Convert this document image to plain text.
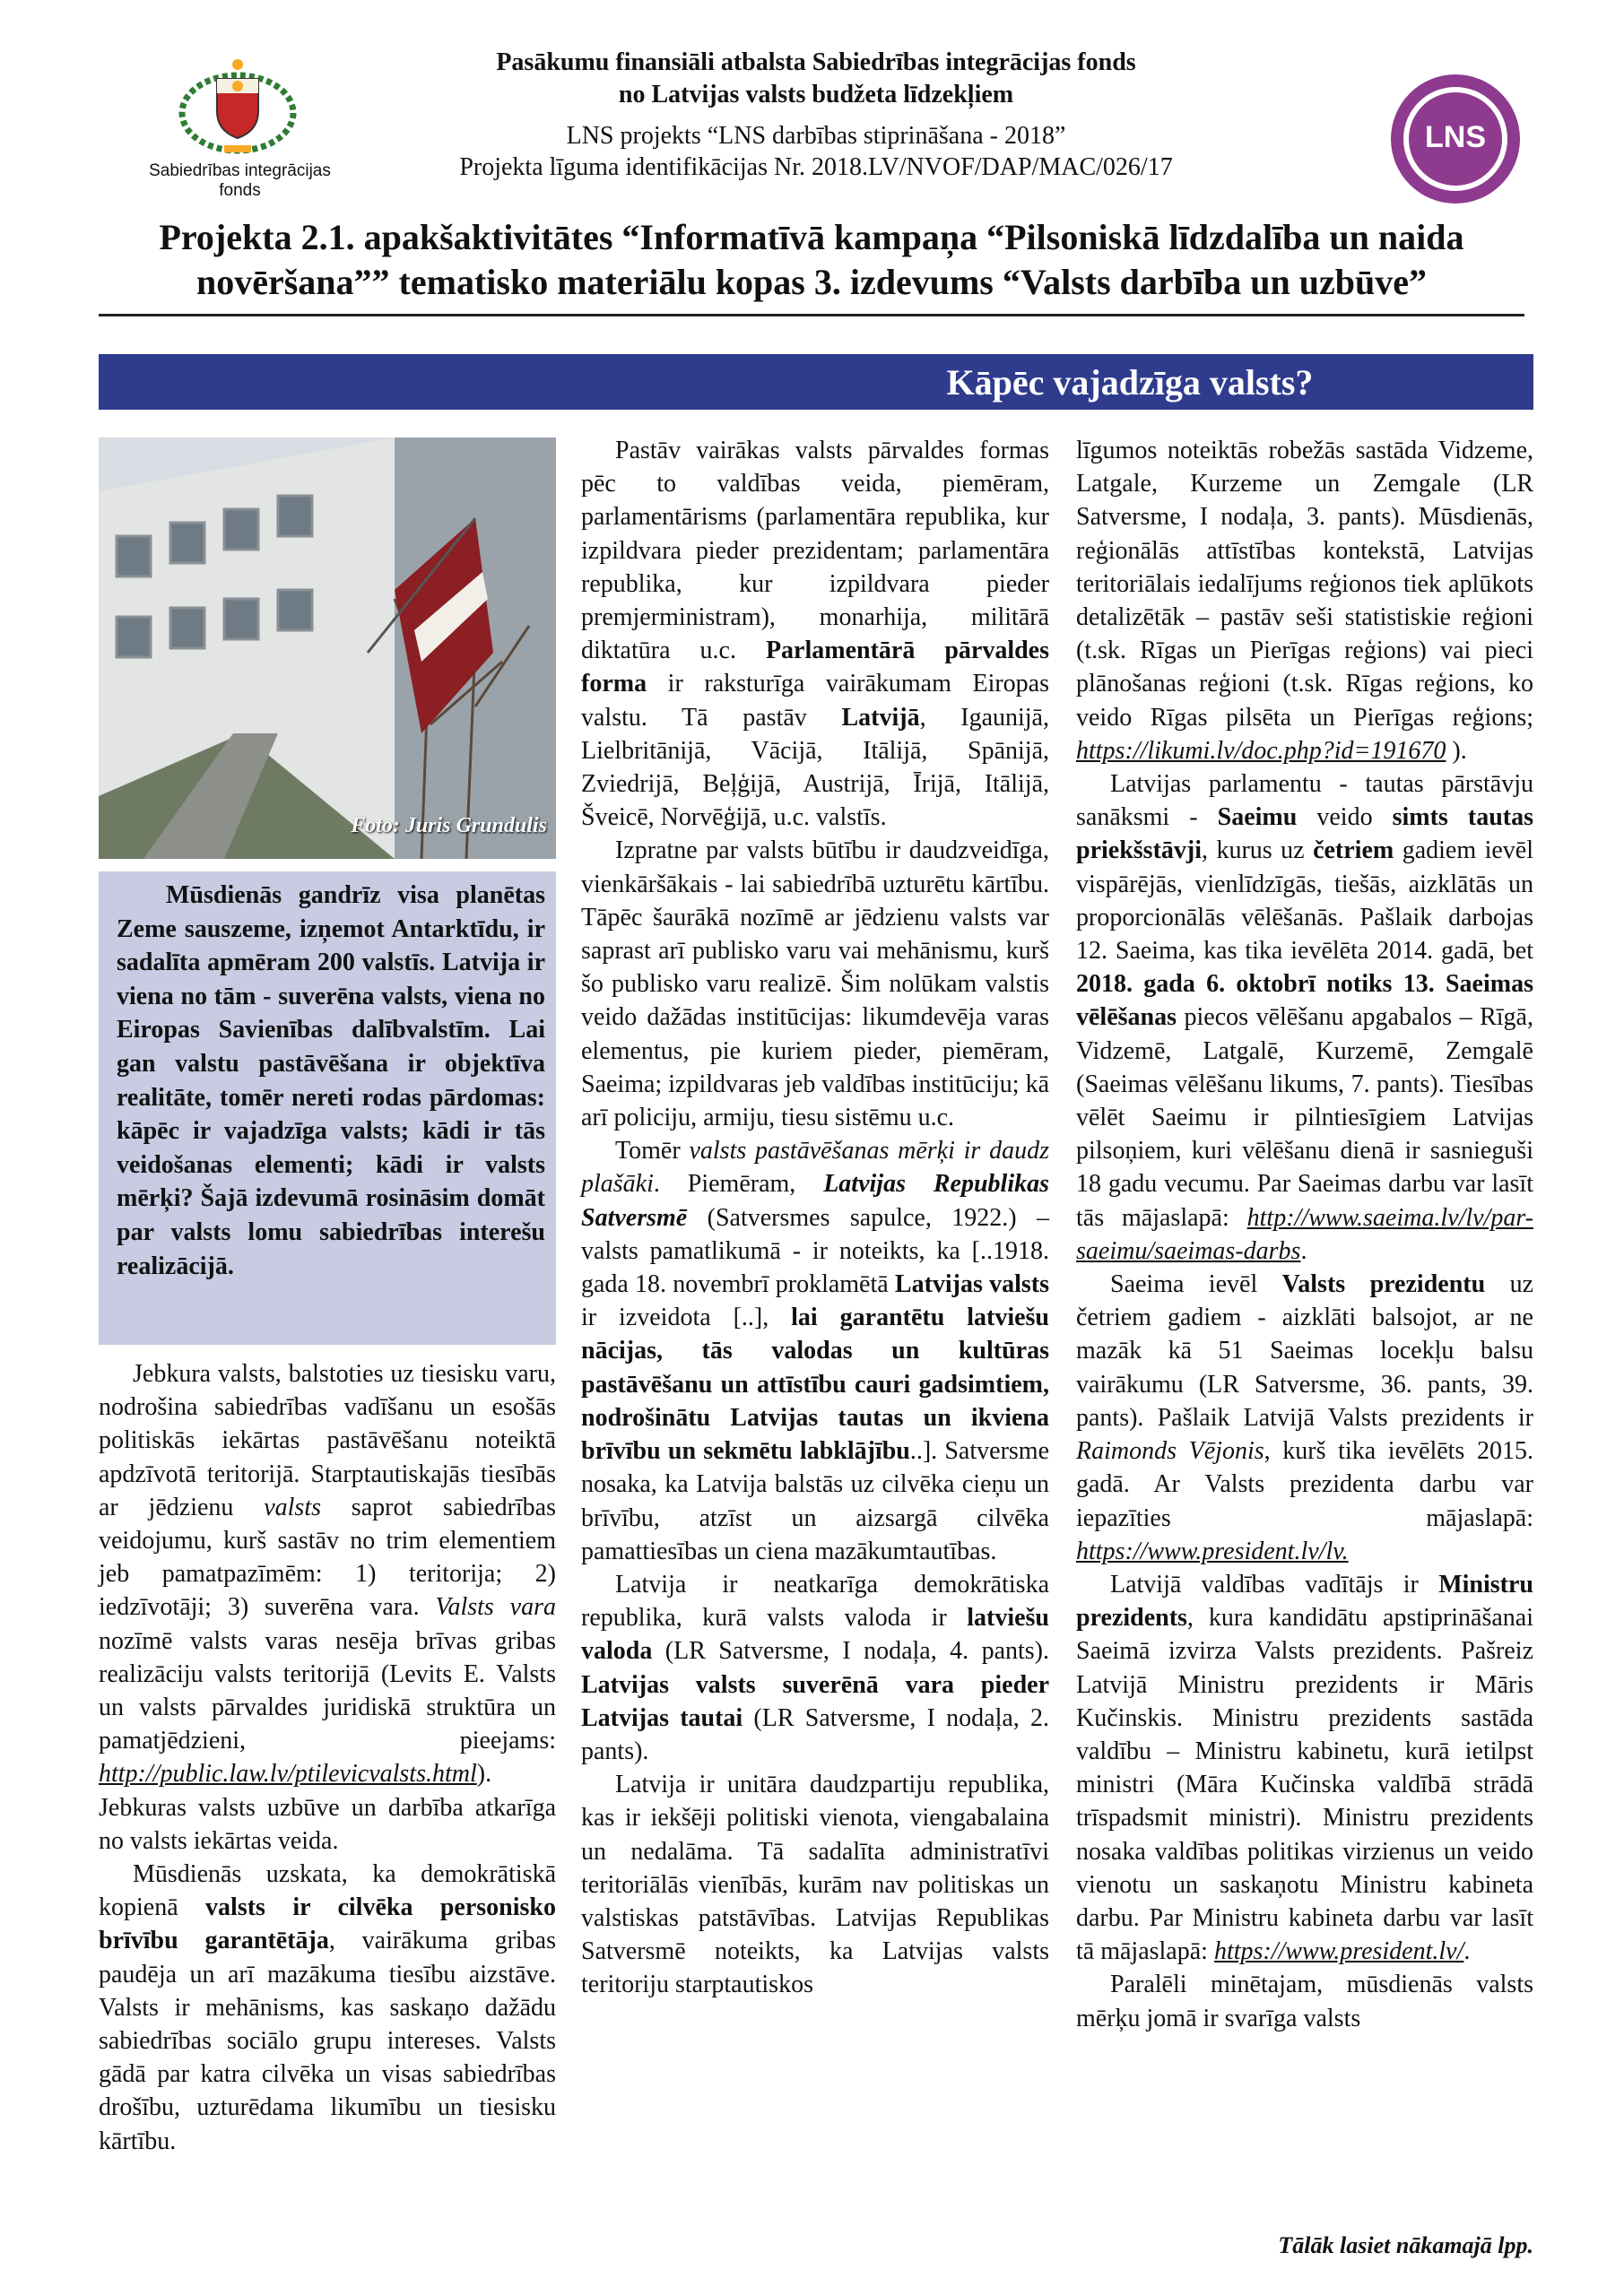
Sabiedrības integrācijas fonds
Pasākumu finansiāli atbalsta Sabiedrības integrācijas fonds
no Latvijas valsts budžeta līdzekļiem
LNS projekts “LNS darbības stiprināšana - 2018”
Projekta līguma identifikācijas Nr. 2018.LV/NVOF/DAP/MAC/026/17
LNS
Projekta 2.1. apakšaktivitātes “Informatīvā kampaņa “Pilsoniskā līdzdalība un naida
novēršana”” tematisko materiālu kopas 3. izdevums “Valsts darbība un uzbūve”
Kāpēc vajadzīga valsts?
Foto: Juris Grundulis
Mūsdienās gandrīz visa planētas Zeme sauszeme, izņemot Antarktīdu, ir sadalīta apmēram 200 valstīs. Latvija ir viena no tām - suverēna valsts, viena no Eiropas Savienības dalībvalstīm. Lai gan valstu pastāvēšana ir objektīva realitāte, tomēr nereti rodas pārdomas: kāpēc ir vajadzīga valsts; kādi ir tās veidošanas elementi; kādi ir valsts mērķi? Šajā izdevumā rosināsim domāt par valsts lomu sabiedrības interešu realizācijā.

Jebkura valsts, balstoties uz tiesisku varu, nodrošina sabiedrības vadīšanu un esošās politiskās iekārtas pastāvēšanu noteiktā apdzīvotā teritorijā. Starptautiskajās tiesībās ar jēdzienu valsts saprot sabiedrības veidojumu, kurš sastāv no trim elementiem jeb pamatpazīmēm: 1) teritorija; 2) iedzīvotāji; 3) suverēna vara. Valsts vara nozīmē valsts varas nesēja brīvas gribas realizāciju valsts teritorijā (Levits E. Valsts un valsts pārvaldes juridiskā struktūra un pamatjēdzieni, pieejams: http://public.law.lv/ptilevicvalsts.html). Jebkuras valsts uzbūve un darbība atkarīga no valsts iekārtas veida.

Mūsdienās uzskata, ka demokrātiskā kopienā valsts ir cilvēka personisko brīvību garantētāja, vairākuma gribas paudēja un arī mazākuma tiesību aizstāve. Valsts ir mehānisms, kas saskaņo dažādu sabiedrības sociālo grupu intereses. Valsts gādā par katra cilvēka un visas sabiedrības drošību, uzturēdama likumību un tiesisku kārtību.

Pastāv vairākas valsts pārvaldes formas pēc to valdības veida, piemēram, parlamentārisms (parlamentāra republika, kur izpildvara pieder prezidentam; parlamentāra republika, kur izpildvara pieder premjerministram), monarhija, militārā diktatūra u.c. Parlamentārā pārvaldes forma ir raksturīga vairākumam Eiropas valstu. Tā pastāv Latvijā, Igaunijā, Lielbritānijā, Vācijā, Itālijā, Spānijā, Zviedrijā, Beļģijā, Austrijā, Īrijā, Itālijā, Šveicē, Norvēģijā, u.c. valstīs.

Izpratne par valsts būtību ir daudzveidīga, vienkāršākais - lai sabiedrībā uzturētu kārtību. Tāpēc šaurākā nozīmē ar jēdzienu valsts var saprast arī publisko varu vai mehānismu, kurš šo publisko varu realizē. Šim nolūkam valstis veido dažādas institūcijas: likumdevēja varas elementus, pie kuriem pieder, piemēram, Saeima; izpildvaras jeb valdības institūciju; kā arī policiju, armiju, tiesu sistēmu u.c.

Tomēr valsts pastāvēšanas mērķi ir daudz plašāki. Piemēram, Latvijas Republikas Satversmē (Satversmes sapulce, 1922.) – valsts pamatlikumā - ir noteikts, ka [..1918. gada 18. novembrī proklamētā Latvijas valsts ir izveidota [..], lai garantētu latviešu nācijas, tās valodas un kultūras pastāvēšanu un attīstību cauri gadsimtiem, nodrošinātu Latvijas tautas un ikviena brīvību un sekmētu labklājību..]. Satversme nosaka, ka Latvija balstās uz cilvēka cieņu un brīvību, atzīst un aizsargā cilvēka pamattiesības un ciena mazākumtautības.

Latvija ir neatkarīga demokrātiska republika, kurā valsts valoda ir latviešu valoda (LR Satversme, I nodaļa, 4. pants). Latvijas valsts suverēnā vara pieder Latvijas tautai (LR Satversme, I nodaļa, 2. pants).

Latvija ir unitāra daudzpartiju republika, kas ir iekšēji politiski vienota, viengabalaina un nedalāma. Tā sadalīta administratīvi teritoriālās vienībās, kurām nav politiskas un valstiskas patstāvības. Latvijas Republikas Satversmē noteikts, ka Latvijas valsts teritoriju starptautiskos

līgumos noteiktās robežās sastāda Vidzeme, Latgale, Kurzeme un Zemgale (LR Satversme, I nodaļa, 3. pants). Mūsdienās, reģionālās attīstības kontekstā, Latvijas teritoriālais iedalījums reģionos tiek aplūkots detalizētāk – pastāv seši statistiskie reģioni (t.sk. Rīgas un Pierīgas reģions) vai pieci plānošanas reģioni (t.sk. Rīgas reģions, ko veido Rīgas pilsēta un Pierīgas reģions; https://likumi.lv/doc.php?id=191670 ).

Latvijas parlamentu - tautas pārstāvju sanāksmi - Saeimu veido simts tautas priekšstāvji, kurus uz četriem gadiem ievēl vispārējās, vienlīdzīgās, tiešās, aizklātās un proporcionālās vēlēšanās. Pašlaik darbojas 12. Saeima, kas tika ievēlēta 2014. gadā, bet 2018. gada 6. oktobrī notiks 13. Saeimas vēlēšanas piecos vēlēšanu apgabalos – Rīgā, Vidzemē, Latgalē, Kurzemē, Zemgalē (Saeimas vēlēšanu likums, 7. pants). Tiesības vēlēt Saeimu ir pilntiesīgiem Latvijas pilsoņiem, kuri vēlēšanu dienā ir sasnieguši 18 gadu vecumu. Par Saeimas darbu var lasīt tās mājaslapā: http://www.saeima.lv/lv/par-saeimu/saeimas-darbs.

Saeima ievēl Valsts prezidentu uz četriem gadiem - aizklāti balsojot, ar ne mazāk kā 51 Saeimas locekļu balsu vairākumu (LR Satversme, 36. pants, 39. pants). Pašlaik Latvijā Valsts prezidents ir Raimonds Vējonis, kurš tika ievēlēts 2015. gadā. Ar Valsts prezidenta darbu var iepazīties mājaslapā: https://www.president.lv/lv.

Latvijā valdības vadītājs ir Ministru prezidents, kura kandidātu apstiprināšanai Saeimā izvirza Valsts prezidents. Pašreiz Latvijā Ministru prezidents ir Māris Kučinskis. Ministru prezidents sastāda valdību – Ministru kabinetu, kurā ietilpst ministri (Māra Kučinska valdībā strādā trīspadsmit ministri). Ministru prezidents nosaka valdības politikas virzienus un veido vienotu un saskaņotu Ministru kabineta darbu. Par Ministru kabineta darbu var lasīt tā mājaslapā: https://www.president.lv/.

Paralēli minētajam, mūsdienās valsts mērķu jomā ir svarīga valsts

Tālāk lasiet nākamajā lpp.
